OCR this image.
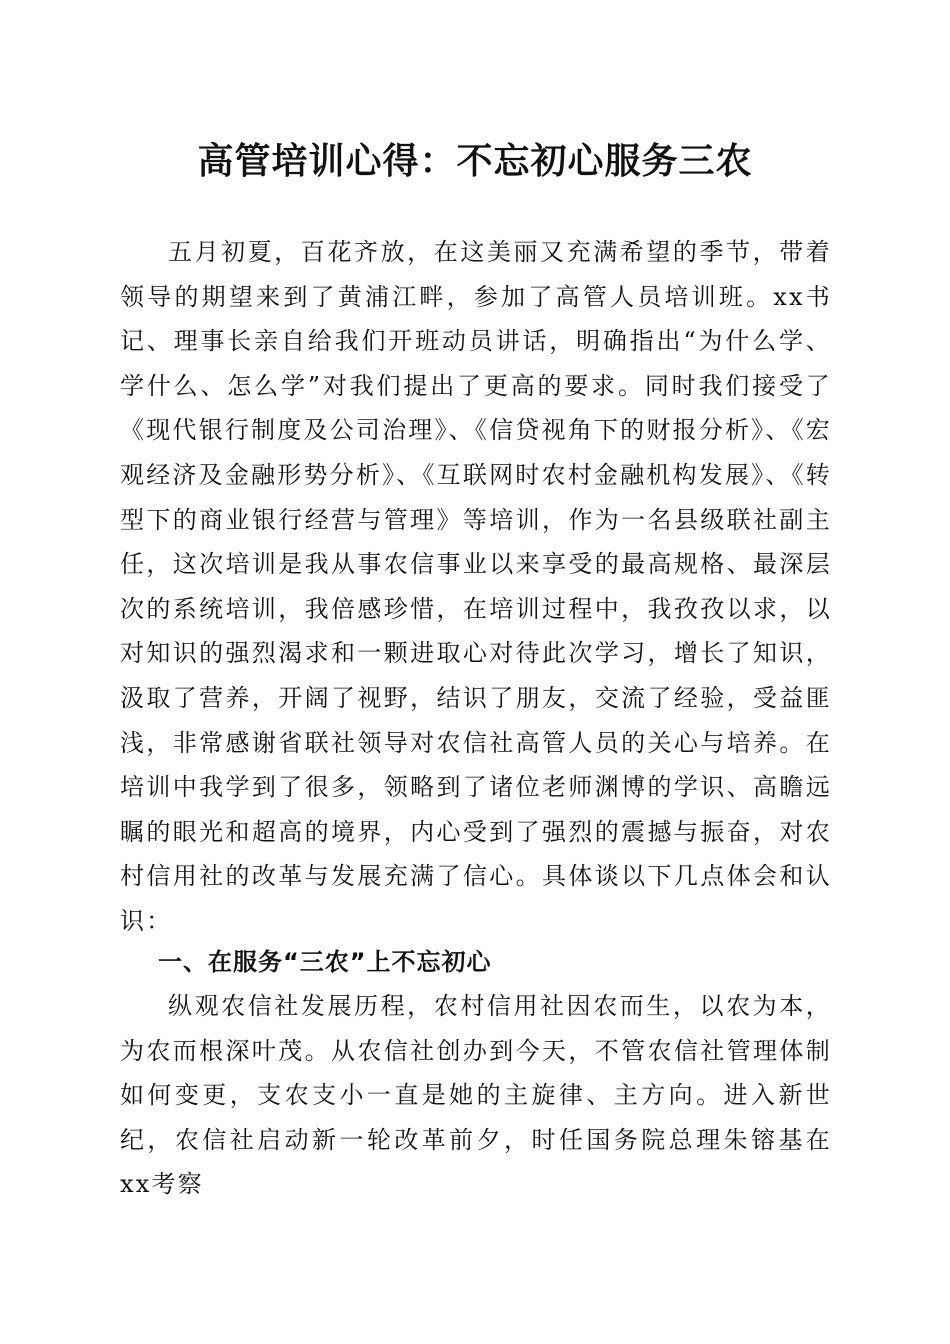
高管培训心得：不忘初心服务三农

五月初夏，百花齐放，在这美丽又充满希望的季节，带着领导的期望来到了黄浦江畔，参加了高管人员培训班。xx书记、理事长亲自给我们开班动员讲话，明确指出“为什么学、学什么、怎么学”对我们提出了更高的要求。同时我们接受了《现代银行制度及公司治理》、《信贷视角下的财报分析》、《宏观经济及金融形势分析》、《互联网时农村金融机构发展》、《转型下的商业银行经营与管理》等培训，作为一名县级联社副主任，这次培训是我从事农信事业以来享受的最高规格、最深层次的系统培训，我倍感珍惜，在培训过程中，我孜孜以求，以对知识的强烈渴求和一颗进取心对待此次学习，增长了知识，汲取了营养，开阔了视野，结识了朋友，交流了经验，受益匪浅，非常感谢省联社领导对农信社高管人员的关心与培养。在培训中我学到了很多，领略到了诸位老师渊博的学识、高瞻远瞩的眼光和超高的境界，内心受到了强烈的震撼与振奋，对农村信用社的改革与发展充满了信心。具体谈以下几点体会和认识：

一、在服务“三农”上不忘初心

纵观农信社发展历程，农村信用社因农而生，以农为本，为农而根深叶茂。从农信社创办到今天，不管农信社管理体制如何变更，支农支小一直是她的主旋律、主方向。进入新世纪，农信社启动新一轮改革前夕，时任国务院总理朱镕基在xx考察
